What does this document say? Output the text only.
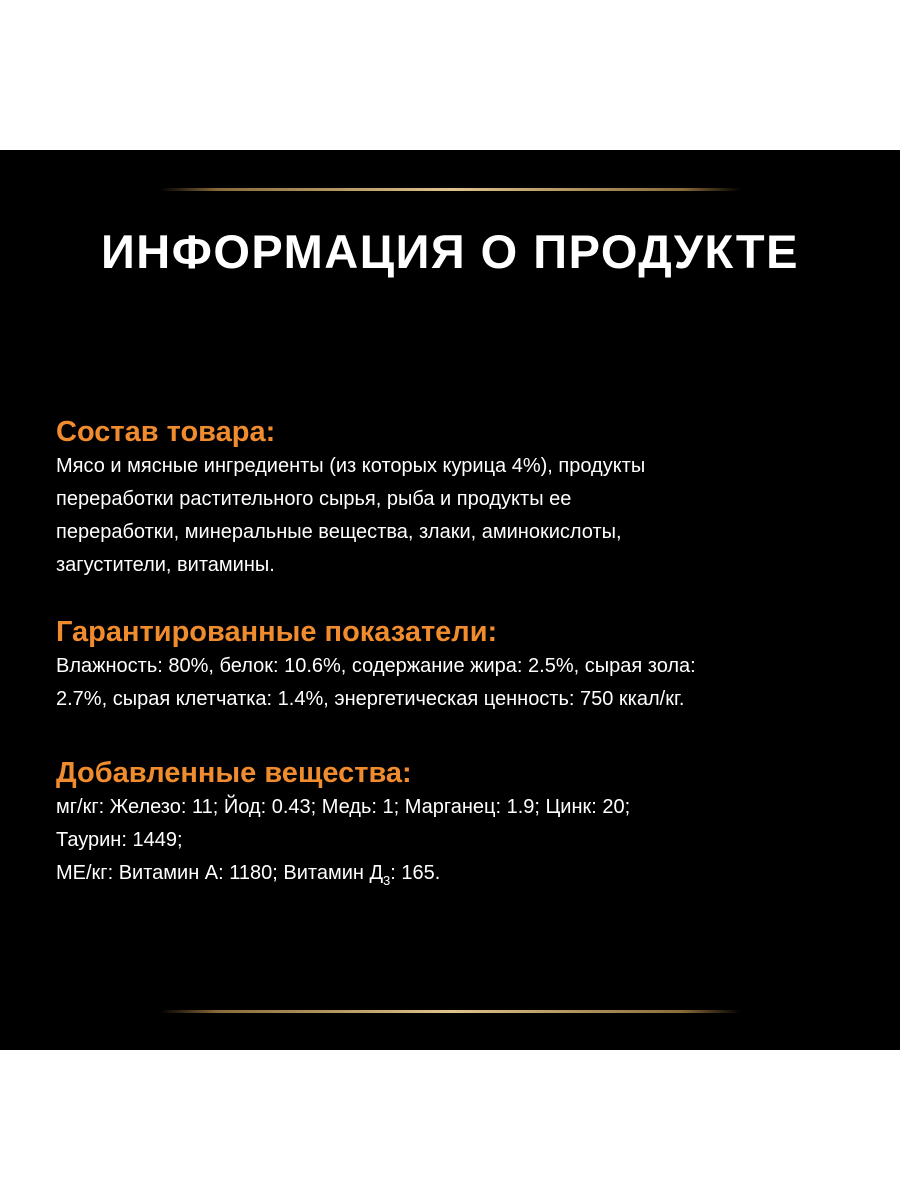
ИНФОРМАЦИЯ О ПРОДУКТЕ
Состав товара:

Мясо и мясные ингредиенты (из которых курица 4%), продукты
переработки растительного сырья, рыба и продукты ее
переработки, минеральные вещества, злаки, аминокислоты,
загустители, витамины.

Гарантированные показатели:

Влажность: 80%, белок: 10.6%, содержание жира: 2.5%, сырая зола:
2.7%, сырая клетчатка: 1.4%, энергетическая ценность: 750 ккал/кг.

Добавленные вещества:

мг/кг: Железо: 11; Йод: 0.43; Медь: 1; Марганец: 1.9; Цинк: 20;
Таурин: 1449;
МЕ/кг: Витамин А: 1180; Витамин $Д_3$: 165.
